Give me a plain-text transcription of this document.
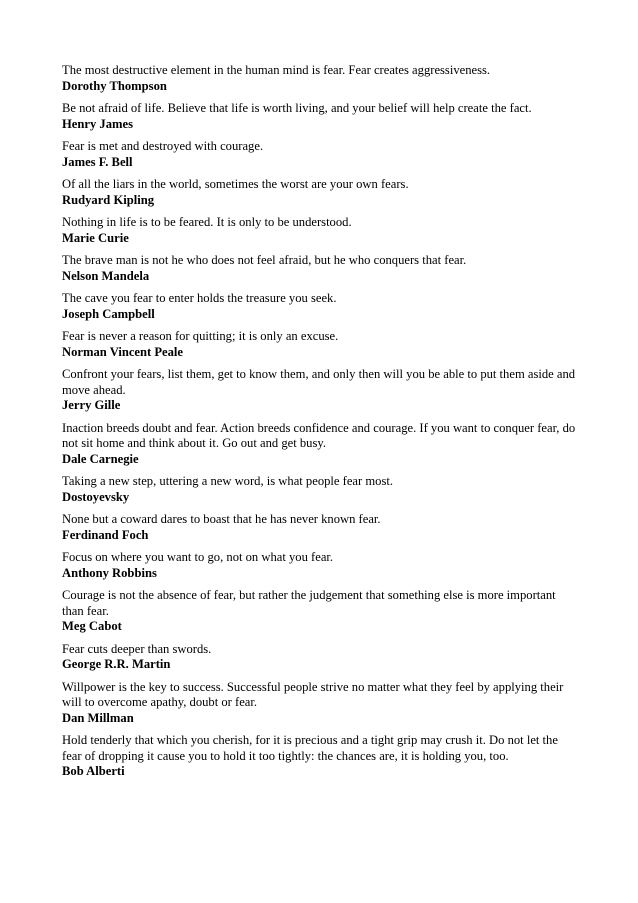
The most destructive element in the human mind is fear. Fear creates aggressiveness.

Dorothy Thompson

Be not afraid of life. Believe that life is worth living, and your belief will help create the fact.

Henry James

Fear is met and destroyed with courage.

James F. Bell

Of all the liars in the world, sometimes the worst are your own fears.

Rudyard Kipling

Nothing in life is to be feared. It is only to be understood.

Marie Curie

The brave man is not he who does not feel afraid, but he who conquers that fear.

Nelson Mandela

The cave you fear to enter holds the treasure you seek.

Joseph Campbell

Fear is never a reason for quitting; it is only an excuse.

Norman Vincent Peale

Confront your fears, list them, get to know them, and only then will you be able to put them aside and move ahead.

Jerry Gille

Inaction breeds doubt and fear. Action breeds confidence and courage. If you want to conquer fear, do not sit home and think about it. Go out and get busy.

Dale Carnegie

Taking a new step, uttering a new word, is what people fear most.

Dostoyevsky

None but a coward dares to boast that he has never known fear.

Ferdinand Foch

Focus on where you want to go, not on what you fear.

Anthony Robbins

Courage is not the absence of fear, but rather the judgement that something else is more important than fear.

Meg Cabot

Fear cuts deeper than swords.

George R.R. Martin

Willpower is the key to success. Successful people strive no matter what they feel by applying their will to overcome apathy, doubt or fear.

Dan Millman

Hold tenderly that which you cherish, for it is precious and a tight grip may crush it. Do not let the fear of dropping it cause you to hold it too tightly: the chances are, it is holding you, too.

Bob Alberti
